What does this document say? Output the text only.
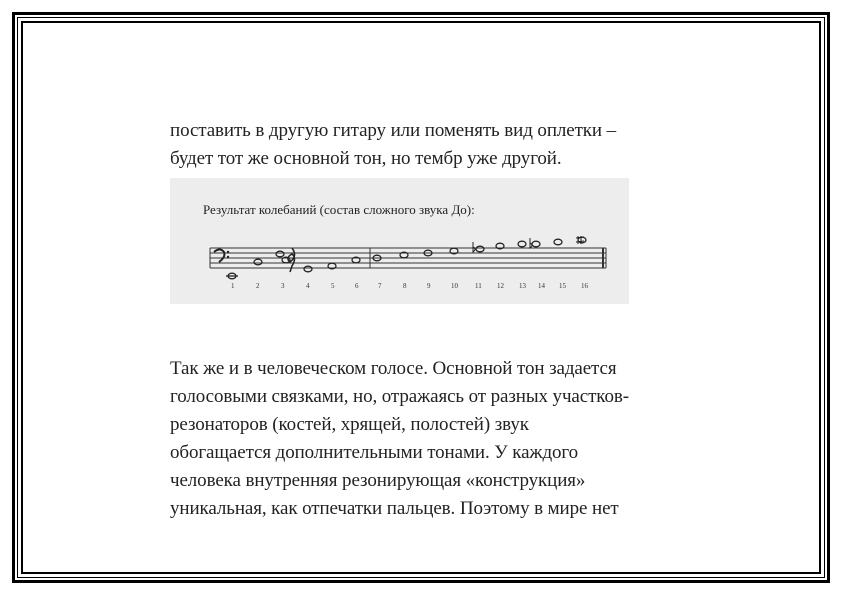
поставить в другую гитару или поменять вид оплетки –
будет тот же основной тон, но тембр уже другой.
Результат колебаний (состав сложного звука До):
1	2	3	4	5	6	7	8	9	10 11 12 13 14 15 16
Так же и в человеческом голосе. Основной тон задается
голосовыми связками, но, отражаясь от разных участков-
резонаторов (костей, хрящей, полостей) звук
обогащается дополнительными тонами. У каждого
человека внутренняя резонирующая «конструкция»
уникальная, как отпечатки пальцев. Поэтому в мире нет
